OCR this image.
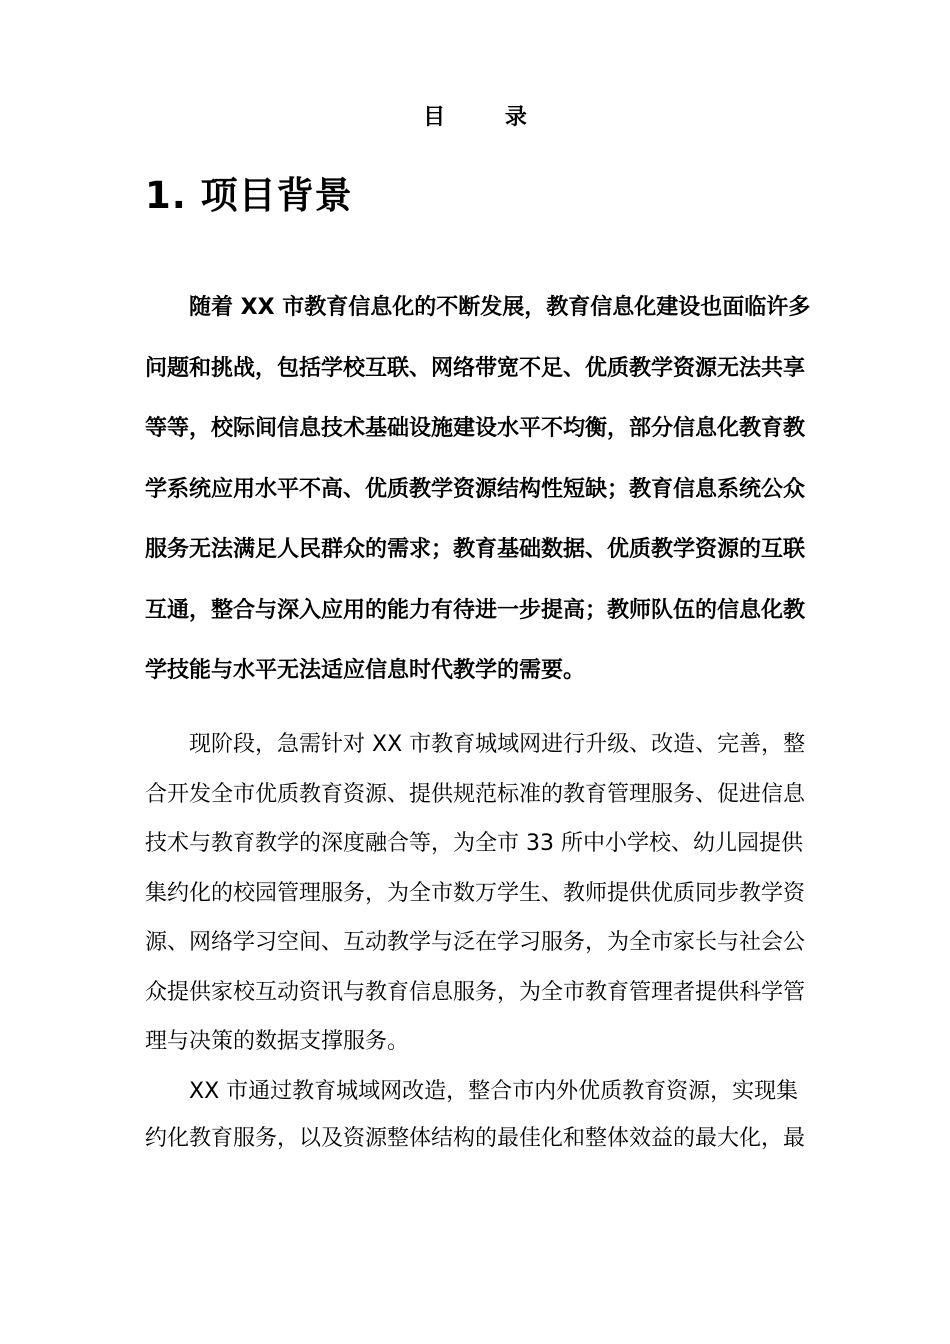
目 录
1. 项目背景
随着 XX 市教育信息化的不断发展，教育信息化建设也面临许多
问题和挑战，包括学校互联、网络带宽不足、优质教学资源无法共享
等等，校际间信息技术基础设施建设水平不均衡，部分信息化教育教
学系统应用水平不高、优质教学资源结构性短缺；教育信息系统公众
服务无法满足人民群众的需求；教育基础数据、优质教学资源的互联
互通，整合与深入应用的能力有待进一步提高；教师队伍的信息化教
学技能与水平无法适应信息时代教学的需要。
现阶段，急需针对 XX 市教育城域网进行升级、改造、完善，整
合开发全市优质教育资源、提供规范标准的教育管理服务、促进信息
技术与教育教学的深度融合等，为全市 33 所中小学校、幼儿园提供
集约化的校园管理服务，为全市数万学生、教师提供优质同步教学资
源、网络学习空间、互动教学与泛在学习服务，为全市家长与社会公
众提供家校互动资讯与教育信息服务，为全市教育管理者提供科学管
理与决策的数据支撑服务。
XX 市通过教育城域网改造，整合市内外优质教育资源，实现集
约化教育服务，以及资源整体结构的最佳化和整体效益的最大化，最
